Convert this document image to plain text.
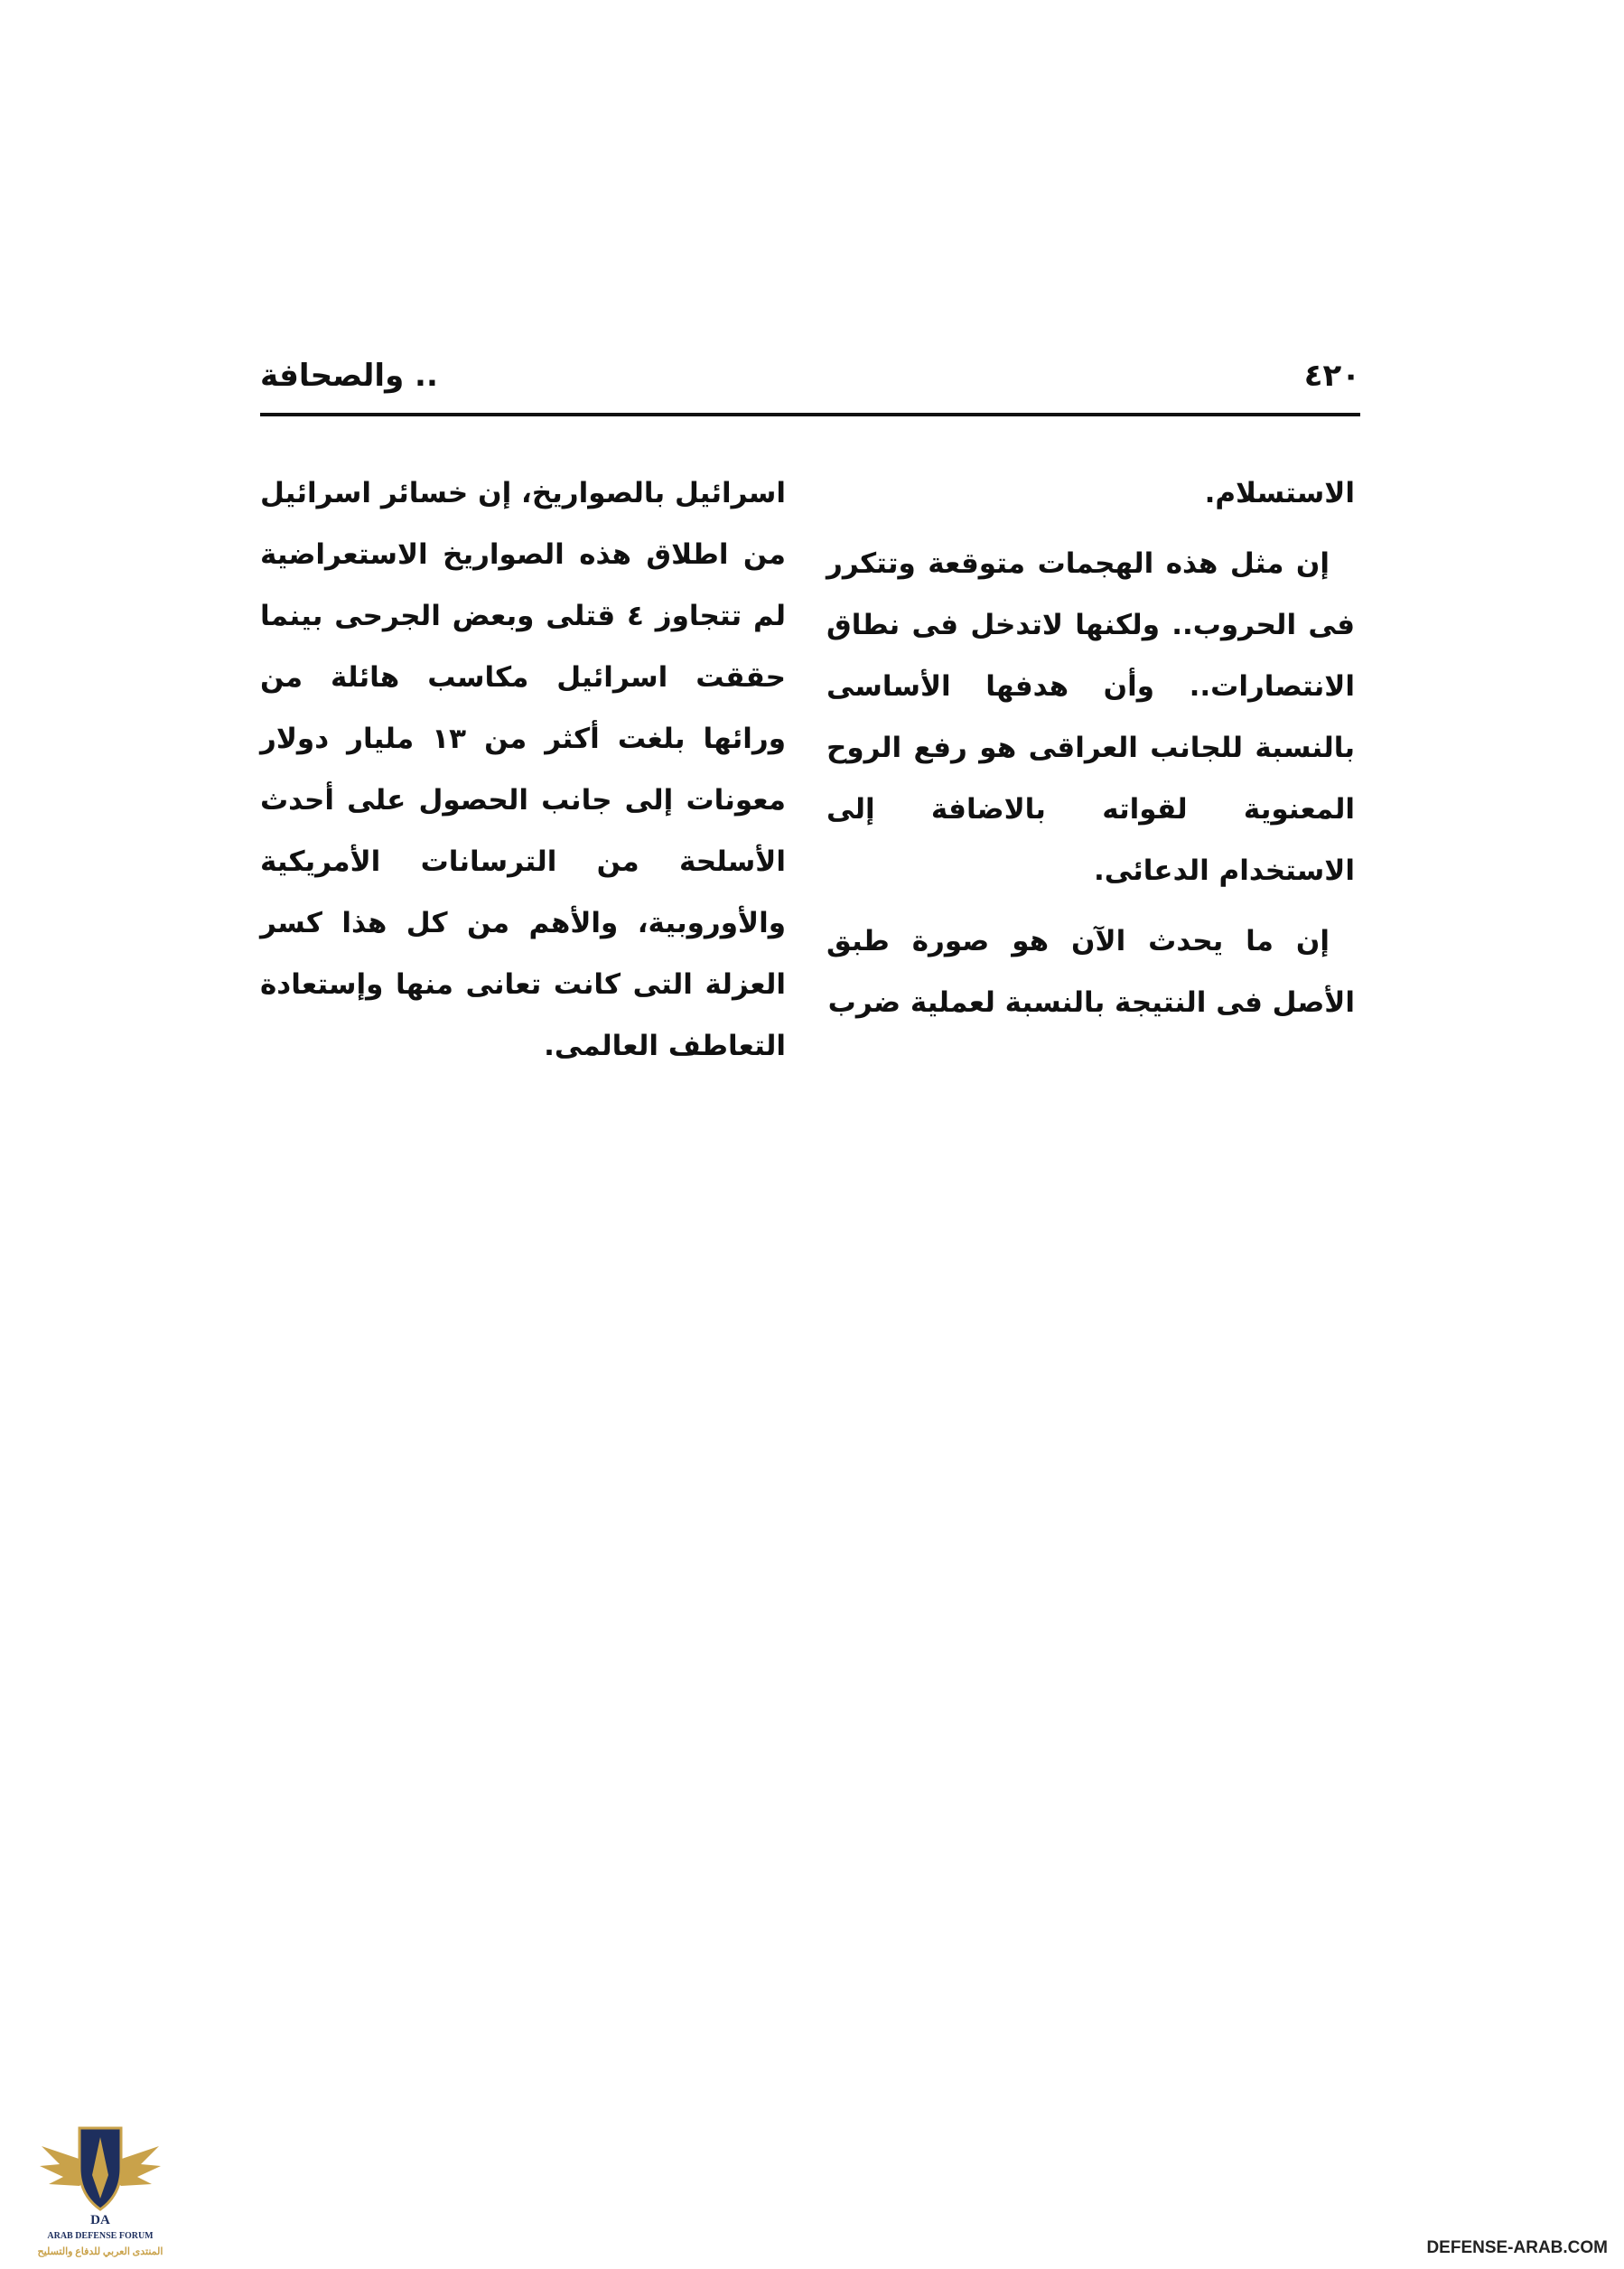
.. والصحافة	٤٢٠

الاستسلام.

إن مثل هذه الهجمات متوقعة وتتكرر فى الحروب.. ولكنها لاتدخل فى نطاق الانتصارات.. وأن هدفها الأساسى بالنسبة للجانب العراقى هو رفع الروح المعنوية لقواته بالاضافة إلى الاستخدام الدعائى.

إن ما يحدث الآن هو صورة طبق الأصل فى النتيجة بالنسبة لعملية ضرب

اسرائيل بالصواريخ، إن خسائر اسرائيل من اطلاق هذه الصواريخ الاستعراضية لم تتجاوز ٤ قتلى وبعض الجرحى بينما حققت اسرائيل مكاسب هائلة من ورائها بلغت أكثر من ١٣ مليار دولار معونات إلى جانب الحصول على أحدث الأسلحة من الترسانات الأمريكية والأوروبية، والأهم من كل هذا كسر العزلة التى كانت تعانى منها وإستعادة التعاطف العالمى.

DA
ARAB DEFENSE FORUM
المنتدى العربي للدفاع والتسليح	DEFENSE-ARAB.COM
